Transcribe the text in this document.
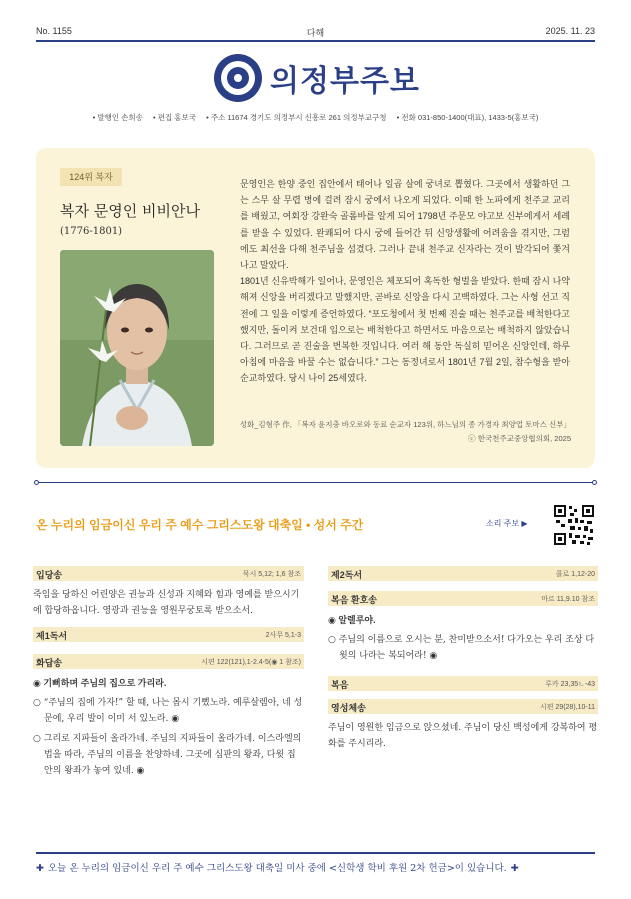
No. 1155	다해	2025. 11. 23
의정부주보
• 발행인 손희송 • 편집 홍보국 • 주소 11674 경기도 의정부시 신흥로 261 의정부교구청 • 전화 031-850-1400(대표), 1433-5(홍보국)
124위 복자
복자 문영인 비비안나
(1776-1801)

문영인은 한양 중인 집안에서 태어나 일곱 살에 궁녀로 뽑혔다. 그곳에서 생활하던 그는 스무 살 무렵 병에 걸려 잠시 궁에서 나오게 되었다. 이때 한 노파에게 천주교 교리를 배웠고, 여회장 강완숙 골롬바를 알게 되어 1798년 주문모 야고보 신부에게서 세례를 받을 수 있었다. 완쾌되어 다시 궁에 들어간 뒤 신앙생활에 어려움을 겪지만, 그럼에도 최선을 다해 천주님을 섬겼다. 그러나 끝내 천주교 신자라는 것이 발각되어 쫓겨나고 말았다.

1801년 신유박해가 일어나, 문영인은 체포되어 혹독한 형벌을 받았다. 한때 잠시 나약해져 신앙을 버리겠다고 말했지만, 곧바로 신앙을 다시 고백하였다. 그는 사형 선고 직전에 그 일을 이렇게 증언하였다. “포도청에서 첫 번째 진술 때는 천주교를 배척한다고 했지만, 돌이켜 보건대 입으로는 배척한다고 하면서도 마음으로는 배척하지 않았습니다. 그러므로 곧 진술을 번복한 것입니다. 여러 해 동안 독실히 믿어온 신앙인데, 하루아침에 마음을 바꿀 수는 없습니다.” 그는 동정녀로서 1801년 7월 2일, 참수형을 받아 순교하였다. 당시 나이 25세였다.

성화_김형주 作, 「복자 윤지충 바오로와 동료 순교자 123위, 하느님의 종 가경자 최양업 토마스 신부」
ⓒ 한국천주교중앙협의회, 2025
온 누리의 임금이신 우리 주 예수 그리스도왕 대축일 • 성서 주간	소리 주보 ▶
입당송	묵시 5,12; 1,6 참조
죽임을 당하신 어린양은 권능과 신성과 지혜와 힘과 영예를 받으시기에 합당하옵니다. 영광과 권능을 영원무궁토록 받으소서.
제1독서	2사무 5,1-3
화답송	시편 122(121),1-2.4-5(◉ 1 참조)
◉ 기뻐하며 주님의 집으로 가리라.
○ “주님의 집에 가자!” 할 때, 나는 몹시 기뻤노라. 예루살렘아, 네 성문에, 우리 발이 이미 서 있노라. ◉
○ 그리로 지파들이 올라가네. 주님의 지파들이 올라가네. 이스라엘의 법을 따라, 주님의 이름을 찬양하네. 그곳에 심판의 왕좌, 다윗 집안의 왕좌가 놓여 있네. ◉
제2독서	콜로 1,12-20
복음 환호송	마르 11,9.10 참조
◉ 알렐루야.
○ 주님의 이름으로 오시는 분, 찬미받으소서! 다가오는 우리 조상 다윗의 나라는 복되어라! ◉
복음	루카 23,35ㄴ-43
영성체송	시편 29(28),10-11
주님이 영원한 임금으로 앉으셨네. 주님이 당신 백성에게 강복하여 평화를 주시리라.
✚ 오늘 온 누리의 임금이신 우리 주 예수 그리스도왕 대축일 미사 중에 <신학생 학비 후원 2차 헌금>이 있습니다. ✚
